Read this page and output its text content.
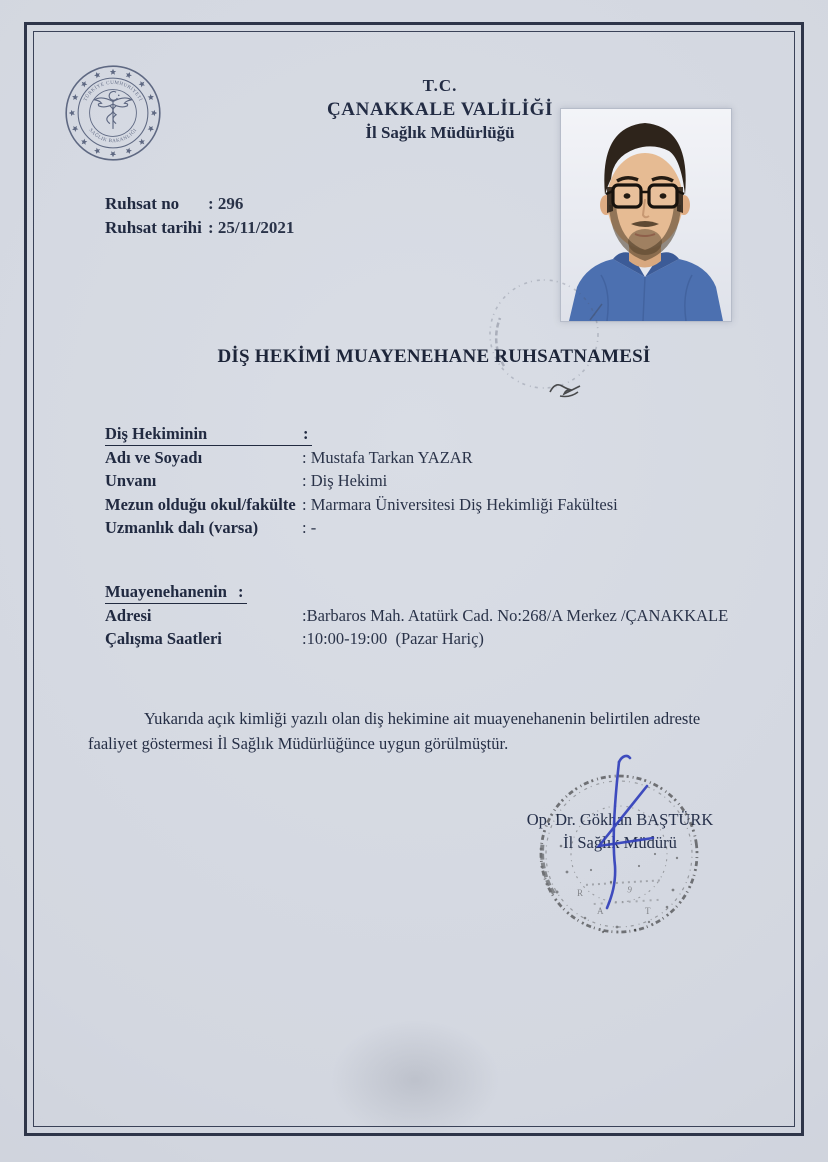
TÜRKİYE CUMHURİYETİ
SAĞLIK BAKANLIĞI
T.C.
ÇANAKKALE VALİLİĞİ
İl Sağlık Müdürlüğü
Ruhsat no	: 296
Ruhsat tarihi : 25/11/2021
DİŞ HEKİMİ MUAYENEHANE RUHSATNAMESİ
Diş Hekiminin	:
Adı ve Soyadı	: Mustafa Tarkan YAZAR
Unvanı	: Diş Hekimi
Mezun olduğu okul/fakülte : Marmara Üniversitesi Diş Hekimliği Fakültesi
Uzmanlık dalı (varsa)	: -
Muayenehanenin :
Adresi	:Barbaros Mah. Atatürk Cad. No:268/A Merkez /ÇANAKKALE
Çalışma Saatleri	:10:00-19:00  (Pazar Hariç)

Yukarıda açık kimliği yazılı olan diş hekimine ait muayenehanenin belirtilen adreste faaliyet göstermesi İl Sağlık Müdürlüğünce uygun görülmüştür.

Op. Dr. Gökhan BAŞTÜRK
İl Sağlık Müdürü
9
A
R
T
